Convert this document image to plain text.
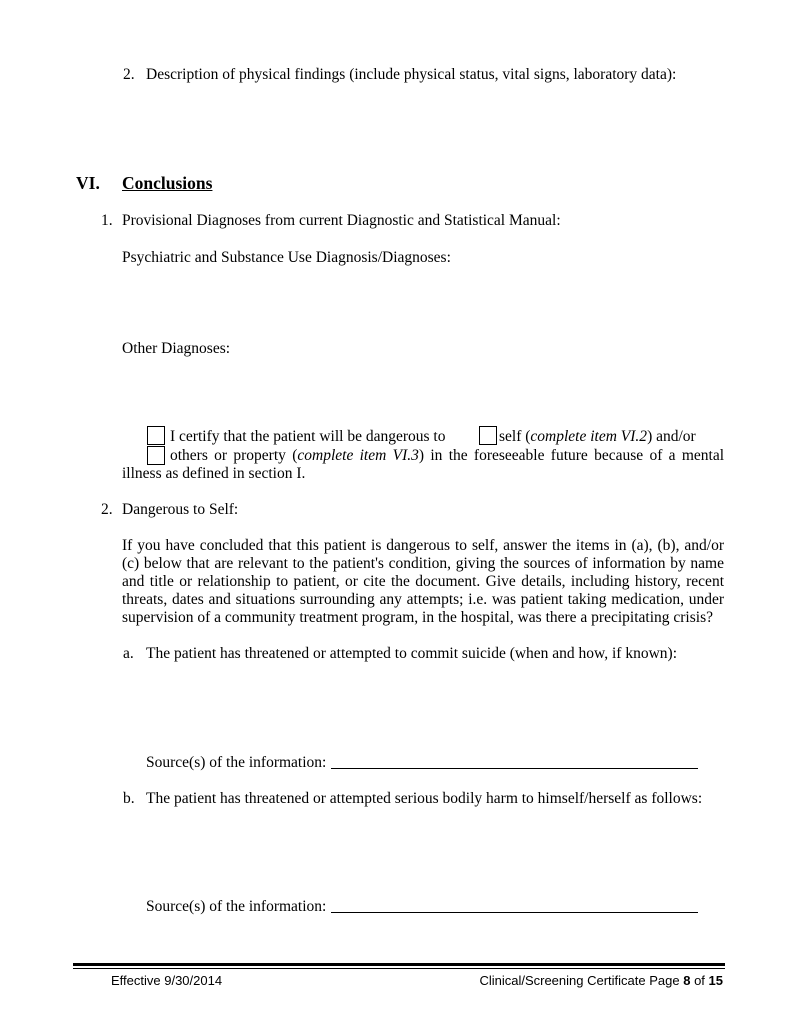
2. Description of physical findings (include physical status, vital signs, laboratory data):
VI. Conclusions
1. Provisional Diagnoses from current Diagnostic and Statistical Manual:
Psychiatric and Substance Use Diagnosis/Diagnoses:
Other Diagnoses:
I certify that the patient will be dangerous to	self (complete item VI.2) and/or
others or property (complete item VI.3) in the foreseeable future because of a mental
illness as defined in section I.
2. Dangerous to Self:
If you have concluded that this patient is dangerous to self, answer the items in (a), (b), and/or
(c) below that are relevant to the patient's condition, giving the sources of information by name
and title or relationship to patient, or cite the document. Give details, including history, recent
threats, dates and situations surrounding any attempts; i.e. was patient taking medication, under
supervision of a community treatment program, in the hospital, was there a precipitating crisis?
a. The patient has threatened or attempted to commit suicide (when and how, if known):
Source(s) of the information:
b. The patient has threatened or attempted serious bodily harm to himself/herself as follows:
Source(s) of the information:
Effective 9/30/2014	Clinical/Screening Certificate Page 8 of 15
